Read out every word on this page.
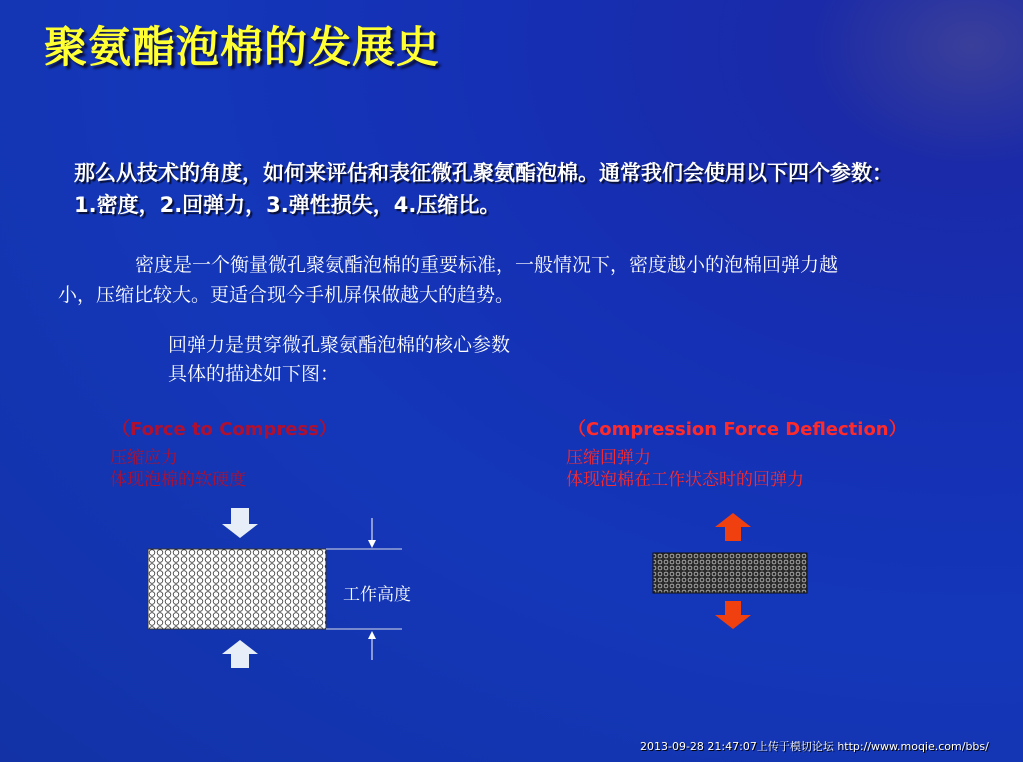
聚氨酯泡棉的发展史
那么从技术的角度，如何来评估和表征微孔聚氨酯泡棉。通常我们会使用以下四个参数：
1.密度，2.回弹力，3.弹性损失，4.压缩比。
密度是一个衡量微孔聚氨酯泡棉的重要标准，一般情况下，密度越小的泡棉回弹力越
小，压缩比较大。更适合现今手机屏保做越大的趋势。
回弹力是贯穿微孔聚氨酯泡棉的核心参数
具体的描述如下图：
（Force to Compress）
压缩应力
体现泡棉的软硬度
（Compression Force Deflection）
压缩回弹力
体现泡棉在工作状态时的回弹力
工作高度
2013-09-28 21:47:07上传于模切论坛 http://www.moqie.com/bbs/
